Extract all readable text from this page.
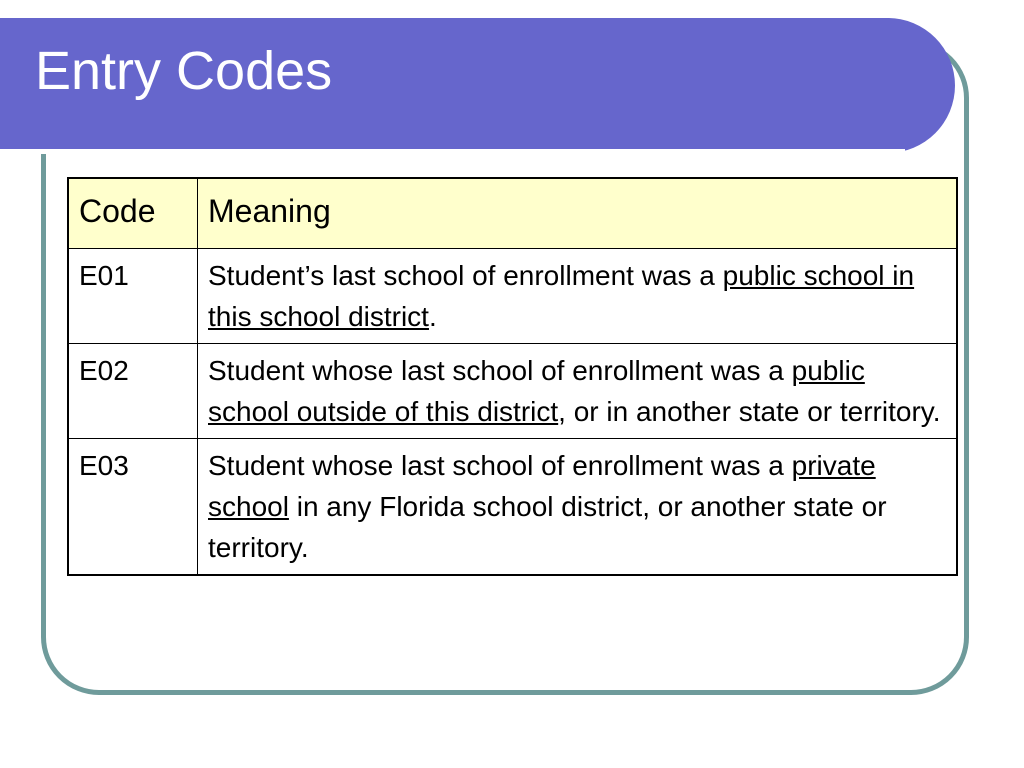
Entry Codes
Code	Meaning
E01	Student’s last school of enrollment was a public school in this school district.
E02	Student whose last school of enrollment was a public school outside of this district, or in another state or territory.
E03	Student whose last school of enrollment was a private school in any Florida school district, or another state or territory.
